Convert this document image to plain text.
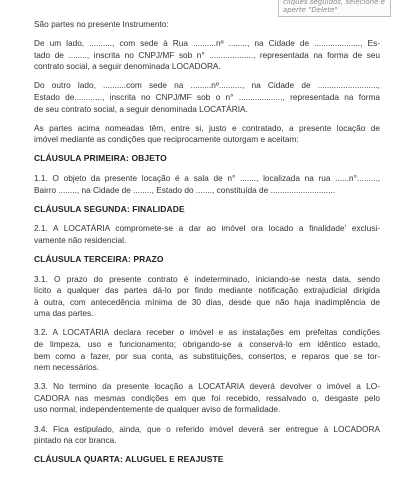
cliques seguidos, selecione e
aperte "Delete"

São partes no presente Instrumento:

De um lado, .........., com sede à Rua ..........nº ........, na Cidade de ...................., Es-
tado de ........, inscrita no CNPJ/MF sob n° ..................., representada na forma de seu
contrato social, a seguir denominada LOCADORA.

Do outro lado, ..........com sede na .........nº.........., na Cidade de ..........................,
Estado de............, inscrita no CNPJ/MF sob o n° ..................., representada na forma
de seu contrato social, a seguir denominada LOCATÁRIA.

As partes acima nomeadas têm, entre si, justo e contratado, a presente locação de
imóvel mediante as condições que reciprocamente outorgam e aceitam:

CLÁUSULA PRIMEIRA: OBJETO

1.1. O objeto da presente locação é a sala de n° ......., localizada na rua ......n°.........,
Bairro ........, na Cidade de ........, Estado do ......., constituída de ............................

CLÁUSULA SEGUNDA: FINALIDADE

2.1. A LOCATÁRIA compromete-se a dar ao imóvel ora locado a finalidade' exclusi-
vamente não residencial.

CLÁUSULA TERCEIRA: PRAZO

3.1. O prazo do presente contrato é indeterminado, iniciando-se nesta data, sendo
lícito a qualquer das partes dá-lo por findo mediante notificação extrajudicial dirigida
à outra, com antecedência mínima de 30 dias, desde que não haja inadimplência de
uma das partes.

3.2. A LOCATÁRIA declara receber o imóvel e as instalações em prefeitas condições
de limpeza, uso e funcionamento; obrigando-se a conservá-lo em idêntico estado,
bem como a fazer, por sua conta, as substituições, consertos, e reparos que se tor-
nem necessários.

3.3. No termino da presente locação a LOCATÁRIA deverá devolver o imóvel a LO-
CADORA nas mesmas condições em que foi recebido, ressalvado o, desgaste pelo
uso normal, independentemente de qualquer aviso de formalidade.

3.4. Fica estipulado, ainda, que o referido imóvel deverá ser entregue à LOCADORA
pintado na cor branca.

CLÁUSULA QUARTA: ALUGUEL E REAJUSTE
